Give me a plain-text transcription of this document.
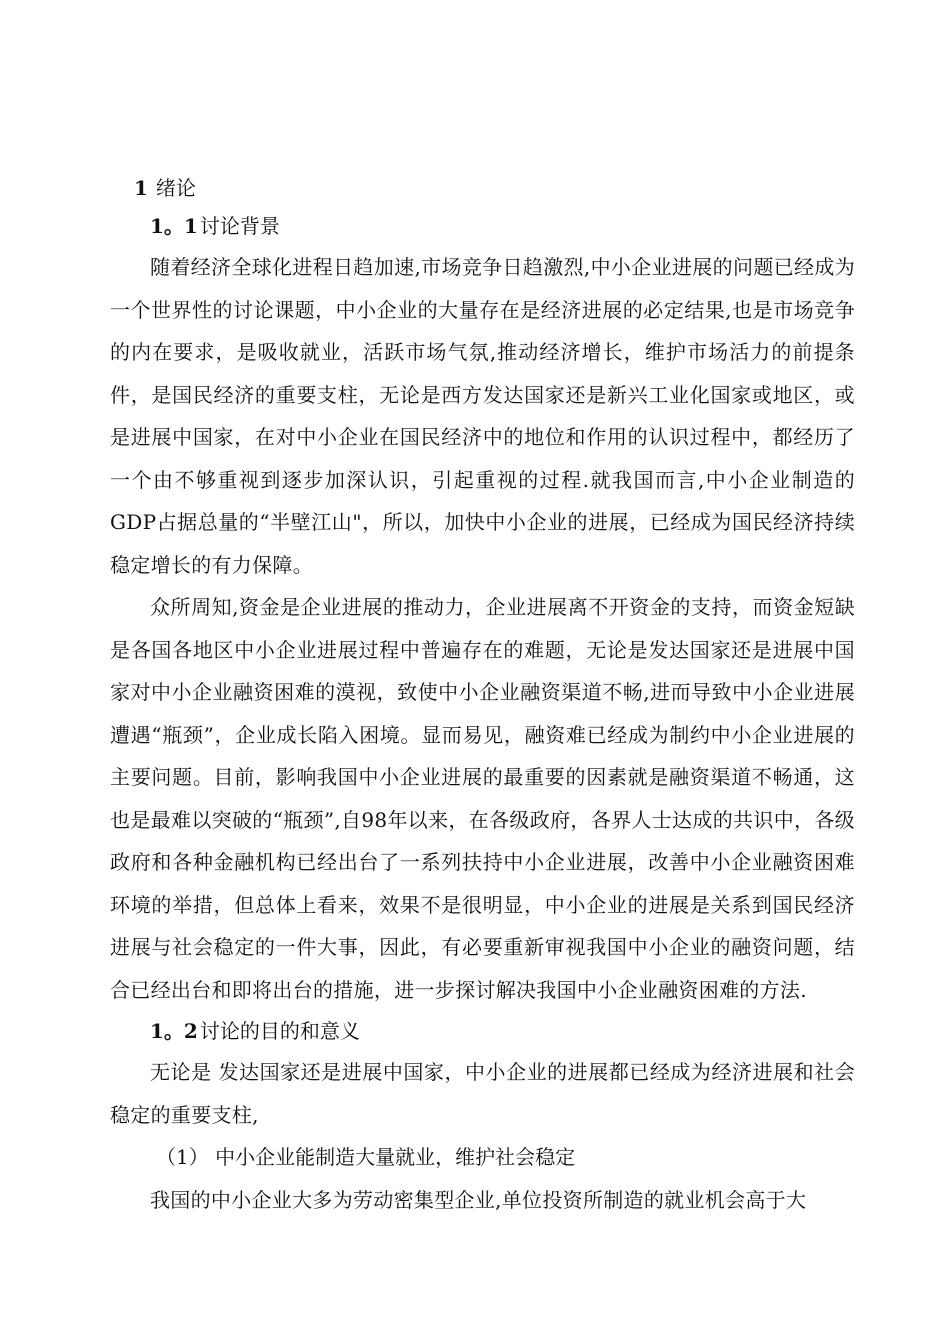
1 绪论

1。1 讨论背景

随着经济全球化进程日趋加速,市场竞争日趋激烈,中小企业进展的问题已经成为一个世界性的讨论课题，中小企业的大量存在是经济进展的必定结果,也是市场竞争的内在要求，是吸收就业，活跃市场气氛,推动经济增长，维护市场活力的前提条件，是国民经济的重要支柱，无论是西方发达国家还是新兴工业化国家或地区，或是进展中国家，在对中小企业在国民经济中的地位和作用的认识过程中，都经历了一个由不够重视到逐步加深认识，引起重视的过程.就我国而言,中小企业制造的GDP占据总量的“半壁江山"，所以，加快中小企业的进展，已经成为国民经济持续稳定增长的有力保障。

众所周知,资金是企业进展的推动力，企业进展离不开资金的支持，而资金短缺是各国各地区中小企业进展过程中普遍存在的难题，无论是发达国家还是进展中国家对中小企业融资困难的漠视，致使中小企业融资渠道不畅,进而导致中小企业进展遭遇“瓶颈”，企业成长陷入困境。显而易见，融资难已经成为制约中小企业进展的主要问题。目前，影响我国中小企业进展的最重要的因素就是融资渠道不畅通，这也是最难以突破的“瓶颈”,自98年以来，在各级政府，各界人士达成的共识中，各级政府和各种金融机构已经出台了一系列扶持中小企业进展，改善中小企业融资困难环境的举措，但总体上看来，效果不是很明显，中小企业的进展是关系到国民经济进展与社会稳定的一件大事，因此，有必要重新审视我国中小企业的融资问题，结合已经出台和即将出台的措施，进一步探讨解决我国中小企业融资困难的方法.

1。2 讨论的目的和意义

无论是 发达国家还是进展中国家，中小企业的进展都已经成为经济进展和社会稳定的重要支柱,

（1） 中小企业能制造大量就业，维护社会稳定

我国的中小企业大多为劳动密集型企业,单位投资所制造的就业机会高于大
